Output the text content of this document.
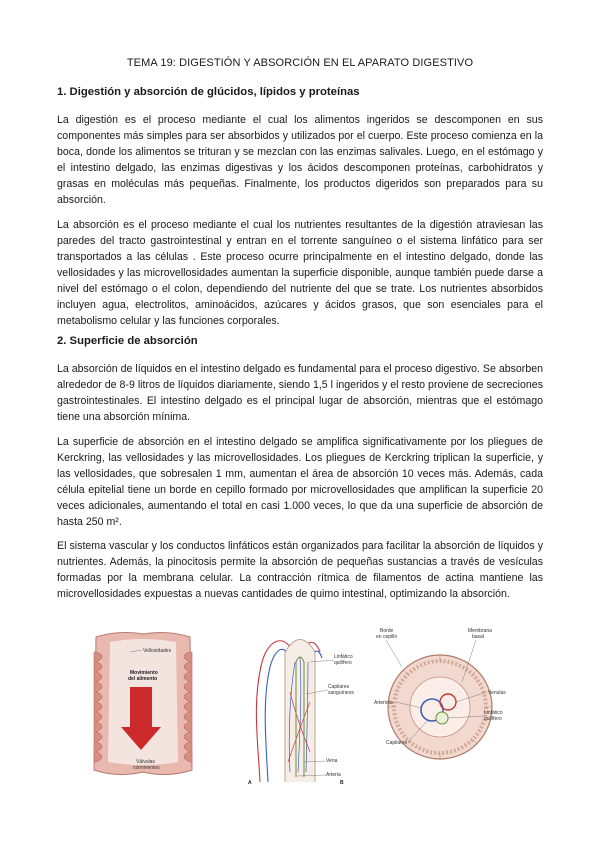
TEMA 19: DIGESTIÓN Y ABSORCIÓN EN EL APARATO DIGESTIVO
1. Digestión y absorción de glúcidos, lípidos y proteínas
La digestión es el proceso mediante el cual los alimentos ingeridos se descomponen en sus componentes más simples para ser absorbidos y utilizados por el cuerpo. Este proceso comienza en la boca, donde los alimentos se trituran y se mezclan con las enzimas salivales. Luego, en el estómago y el intestino delgado, las enzimas digestivas y los ácidos descomponen proteínas, carbohidratos y grasas en moléculas más pequeñas. Finalmente, los productos digeridos son preparados para su absorción.
La absorción es el proceso mediante el cual los nutrientes resultantes de la digestión atraviesan las paredes del tracto gastrointestinal y entran en el torrente sanguíneo o el sistema linfático para ser transportados a las células . Este proceso ocurre principalmente en el intestino delgado, donde las vellosidades y las microvellosidades aumentan la superficie disponible, aunque también puede darse a nivel del estómago o el colon, dependiendo del nutriente del que se trate. Los nutrientes absorbidos incluyen agua, electrolitos, aminoácidos, azúcares y ácidos grasos, que son esenciales para el metabolismo celular y las funciones corporales.
2. Superficie de absorción
La absorción de líquidos en el intestino delgado es fundamental para el proceso digestivo. Se absorben alrededor de 8-9 litros de líquidos diariamente, siendo 1,5 l ingeridos y el resto proviene de secreciones gastrointestinales. El intestino delgado es el principal lugar de absorción, mientras que el estómago tiene una absorción mínima.
La superficie de absorción en el intestino delgado se amplifica significativamente por los pliegues de Kerckring, las vellosidades y las microvellosidades. Los pliegues de Kerckring triplican la superficie, y las vellosidades, que sobresalen 1 mm, aumentan el área de absorción 10 veces más. Además, cada célula epitelial tiene un borde en cepillo formado por microvellosidades que amplifican la superficie 20 veces adicionales, aumentando el total en casi 1.000 veces, lo que da una superficie de absorción de hasta 250 m².
El sistema vascular y los conductos linfáticos están organizados para facilitar la absorción de líquidos y nutrientes. Además, la pinocitosis permite la absorción de pequeñas sustancias a través de vesículas formadas por la membrana celular. La contracción rítmica de filamentos de actina mantiene las microvellosidades expuestas a nuevas cantidades de quimo intestinal, optimizando la absorción.
Vellosidades
Movimiento
del alimento
Válvulas
conniventes
Linfático
quilífero
Capilares
sanguíneos
Vena
Arteria
A	B
Borde
en cepillo
Membrana
basal
Venulas
Arteriola
Linfático
quilífero
Capilares
